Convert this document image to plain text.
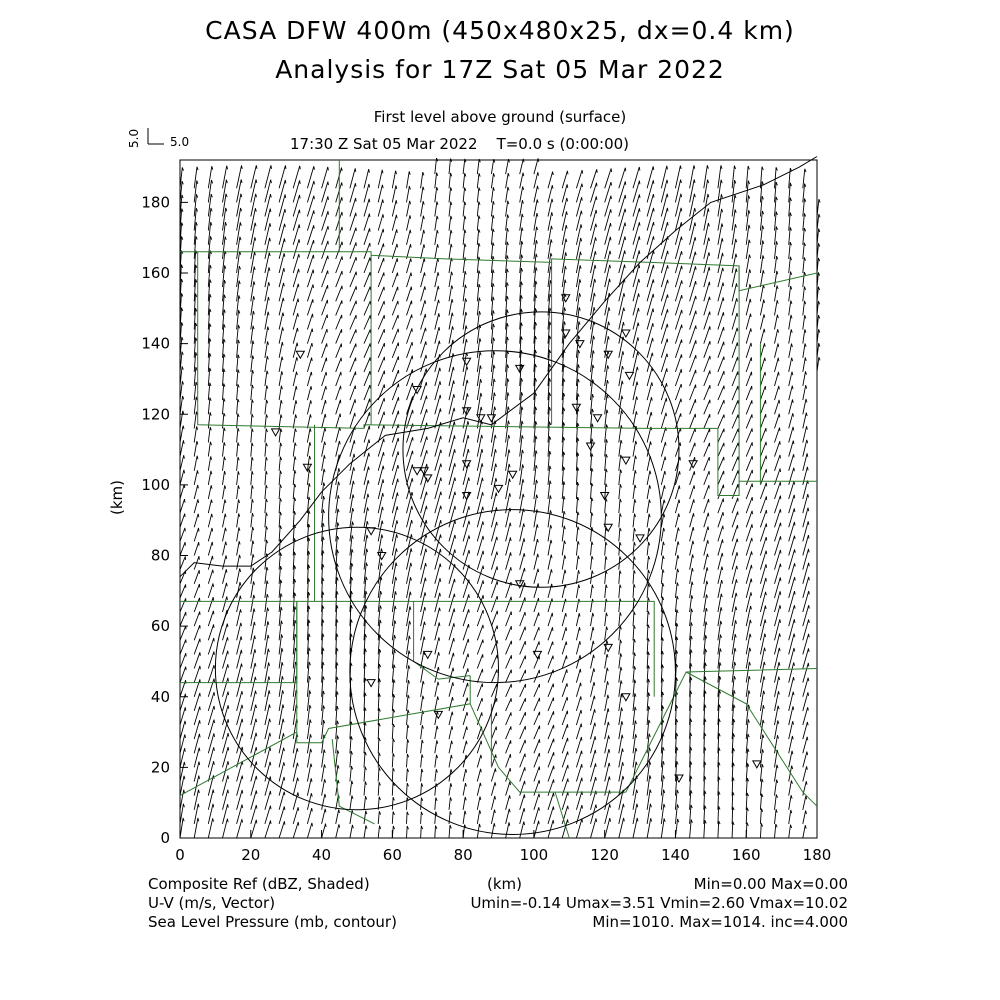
CASA DFW 400m (450x480x25, dx=0.4 km)
Analysis for 17Z Sat 05 Mar 2022
First level above ground (surface)
17:30 Z Sat 05 Mar 2022    T=0.0 s (0:00:00)
5.0 5.0
(km)
0	20	40	60	80	100	120	140	160	180
0
20
40
60
80
100
120
140
160
180
Composite Ref (dBZ, Shaded)
U-V (m/s, Vector)
Sea Level Pressure (mb, contour)
(km)	Min=0.00 Max=0.00
Umin=-0.14 Umax=3.51 Vmin=2.60 Vmax=10.02
Min=1010. Max=1014. inc=4.000
